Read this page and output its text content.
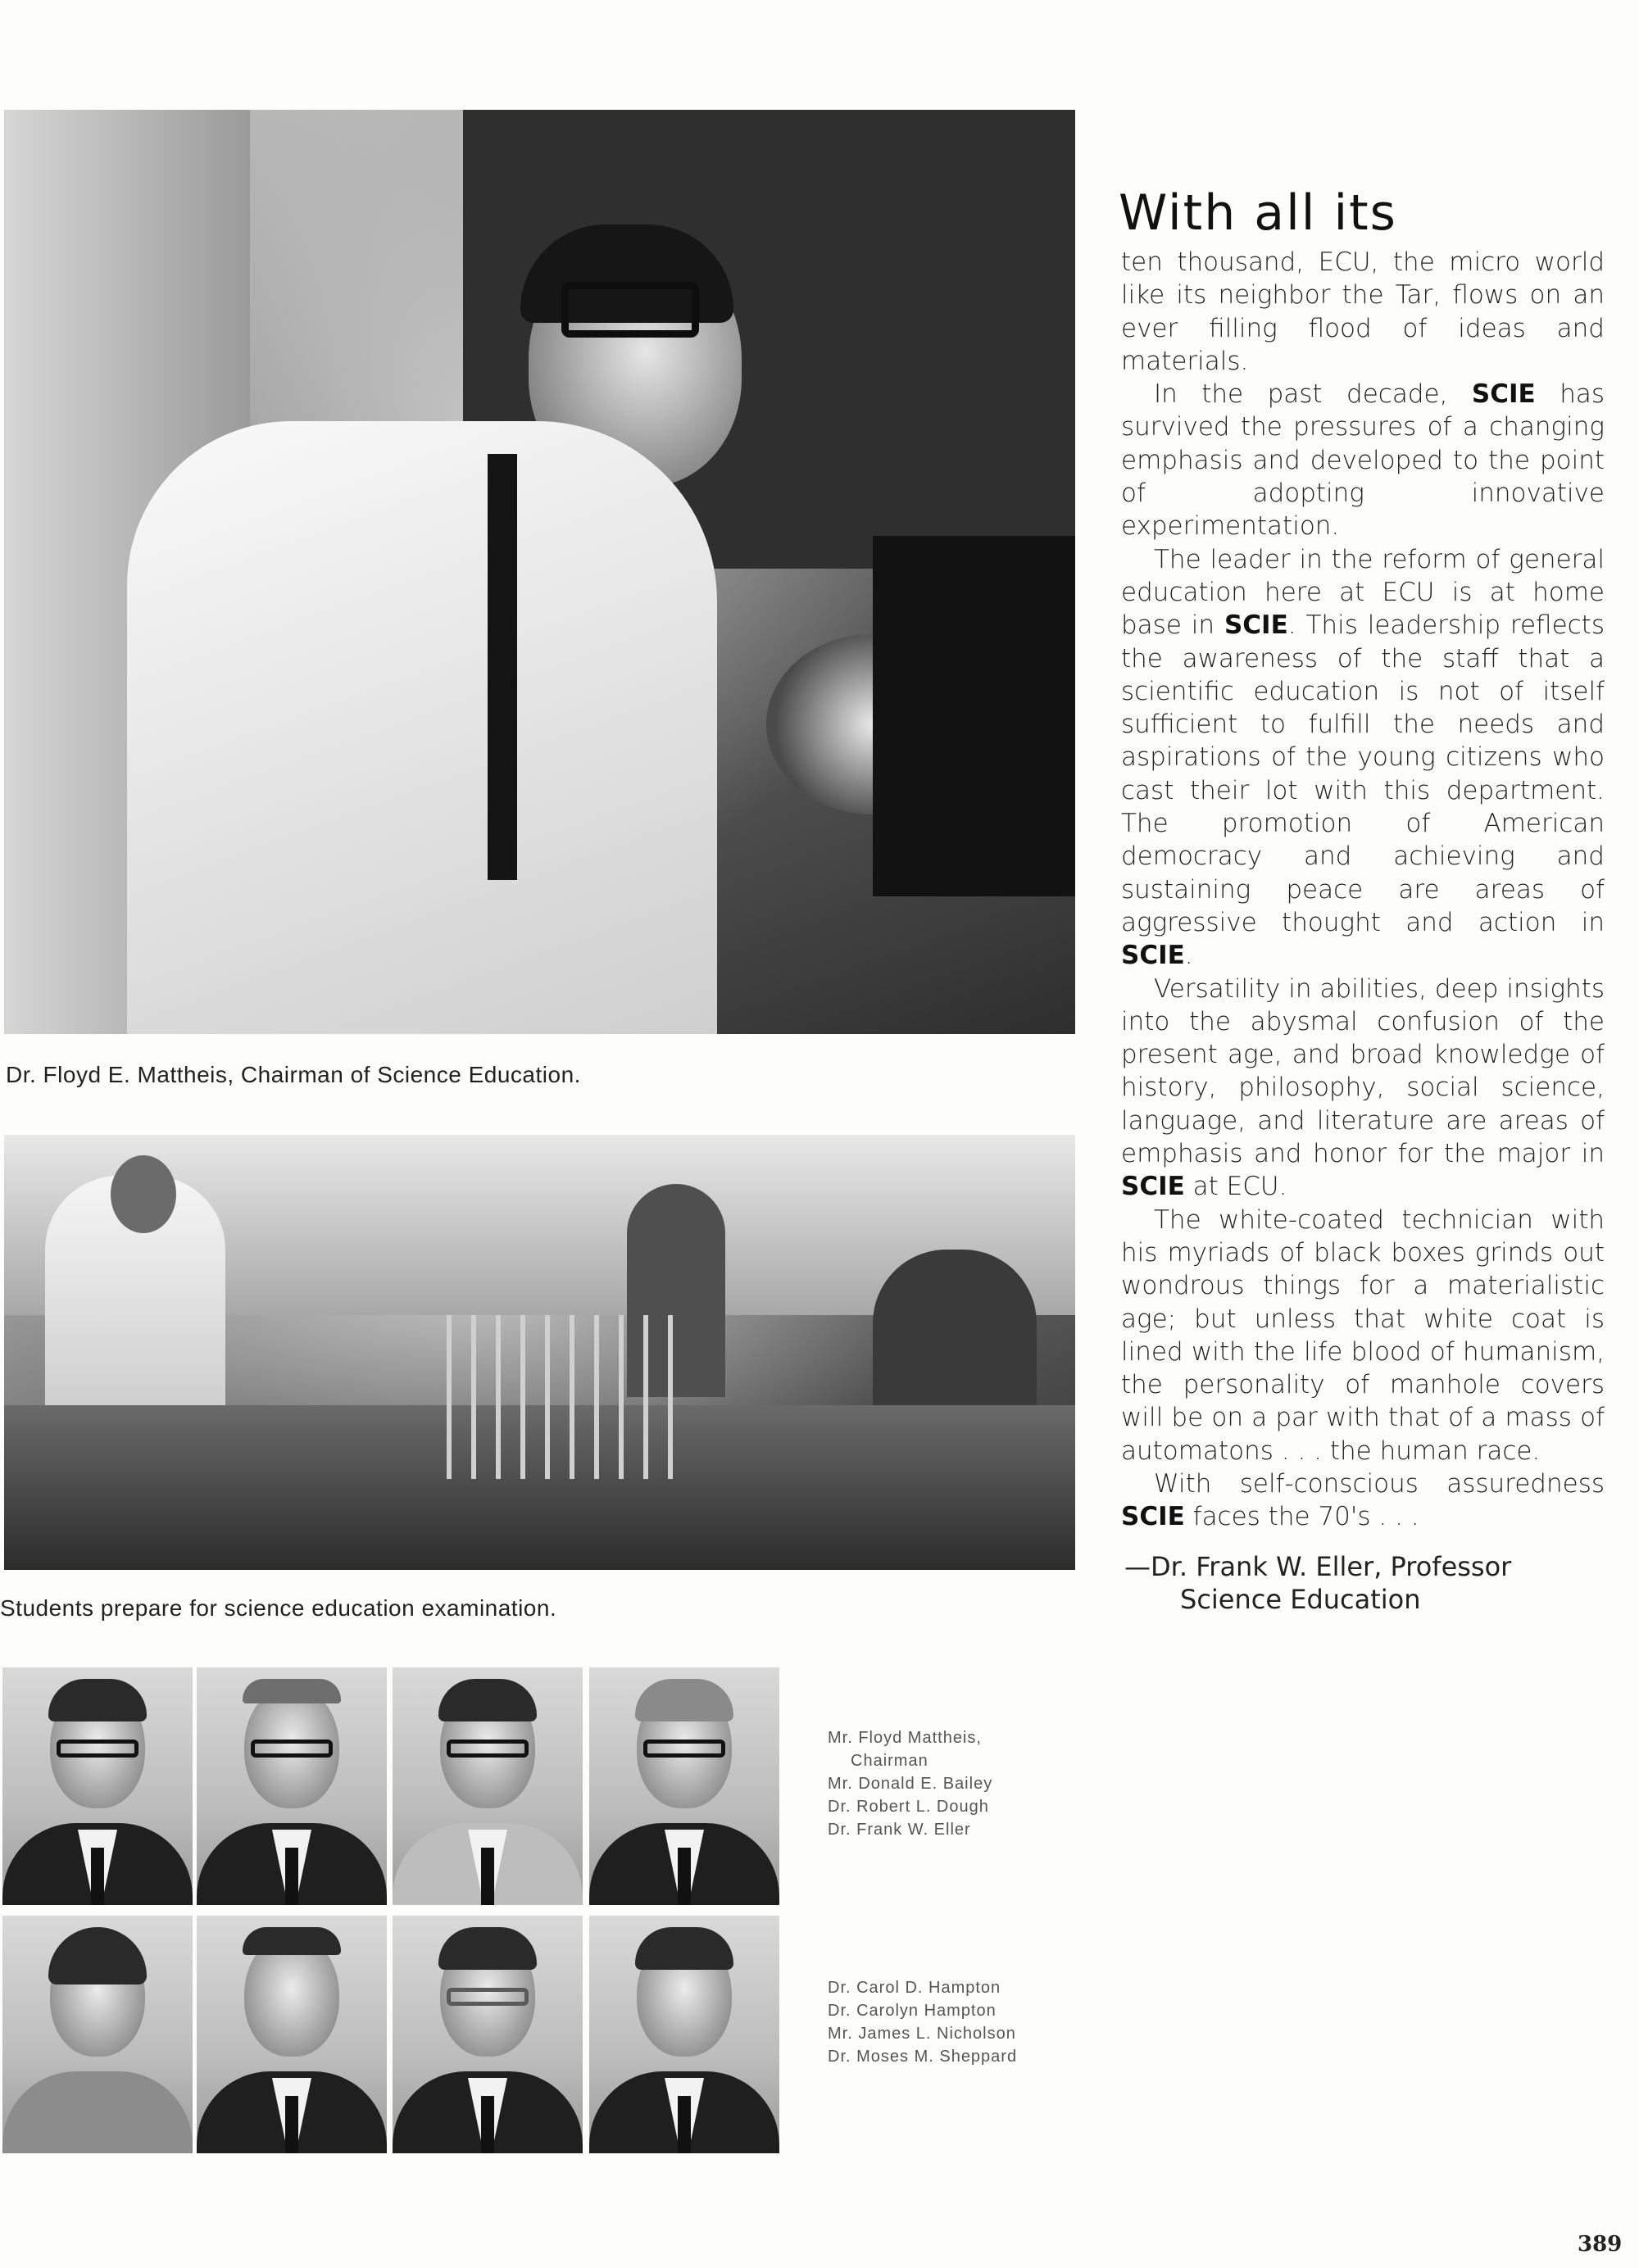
Dr. Floyd E. Mattheis, Chairman of Science Education.
Students prepare for science education examination.
With all its

ten thousand, ECU, the micro world like its neighbor the Tar, flows on an ever filling flood of ideas and materials.

In the past decade, SCIE has survived the pressures of a changing emphasis and developed to the point of adopting innovative experimentation.

The leader in the reform of general education here at ECU is at home base in SCIE. This leadership reflects the awareness of the staff that a scientific education is not of itself sufficient to fulfill the needs and aspirations of the young citizens who cast their lot with this department. The promotion of American democracy and achieving and sustaining peace are areas of aggressive thought and action in SCIE.

Versatility in abilities, deep insights into the abysmal confusion of the present age, and broad knowledge of history, philosophy, social science, language, and literature are areas of emphasis and honor for the major in SCIE at ECU.

The white-coated technician with his myriads of black boxes grinds out wondrous things for a materialistic age; but unless that white coat is lined with the life blood of humanism, the personality of manhole covers will be on a par with that of a mass of automatons . . . the human race.

With self-conscious assuredness SCIE faces the 70's . . .

—Dr. Frank W. Eller, Professor
Science Education
Mr. Floyd Mattheis,
Chairman
Mr. Donald E. Bailey
Dr. Robert L. Dough
Dr. Frank W. Eller
Dr. Carol D. Hampton
Dr. Carolyn Hampton
Mr. James L. Nicholson
Dr. Moses M. Sheppard
389
